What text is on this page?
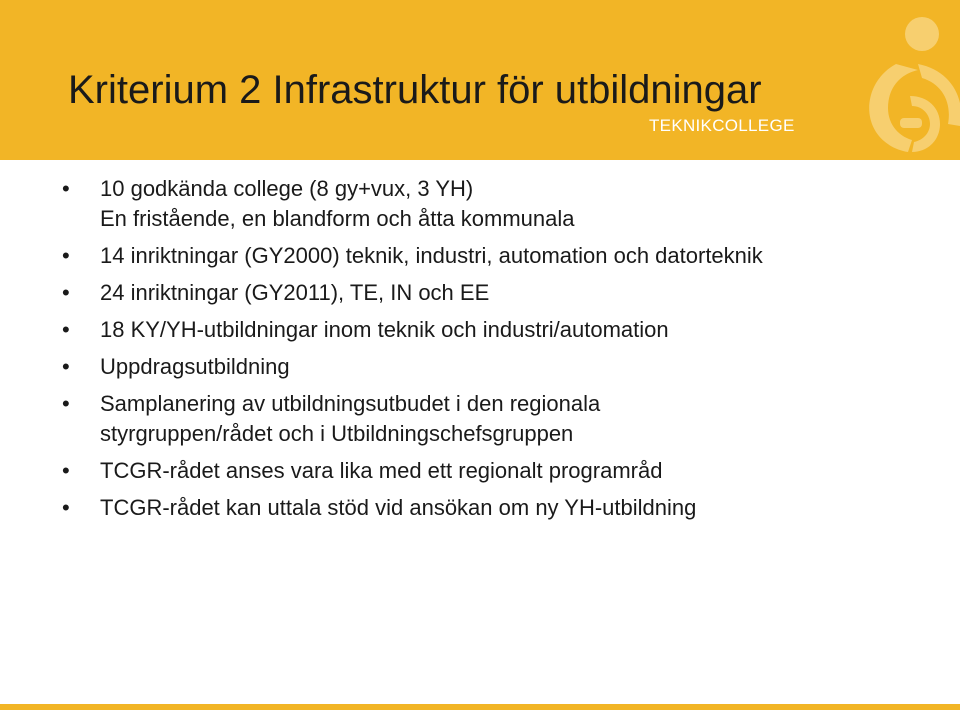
Kriterium 2 Infrastruktur för utbildningar
TEKNIKCOLLEGE
• 10 godkända college (8 gy+vux, 3 YH)
En fristående, en blandform och åtta kommunala
• 14 inriktningar (GY2000) teknik, industri, automation och datorteknik
• 24 inriktningar (GY2011), TE, IN och EE
• 18 KY/YH-utbildningar inom teknik och industri/automation
• Uppdragsutbildning
• Samplanering av utbildningsutbudet i den regionala
styrgruppen/rådet och i Utbildningschefsgruppen
• TCGR-rådet anses vara lika med ett regionalt programråd
• TCGR-rådet kan uttala stöd vid ansökan om ny YH-utbildning
